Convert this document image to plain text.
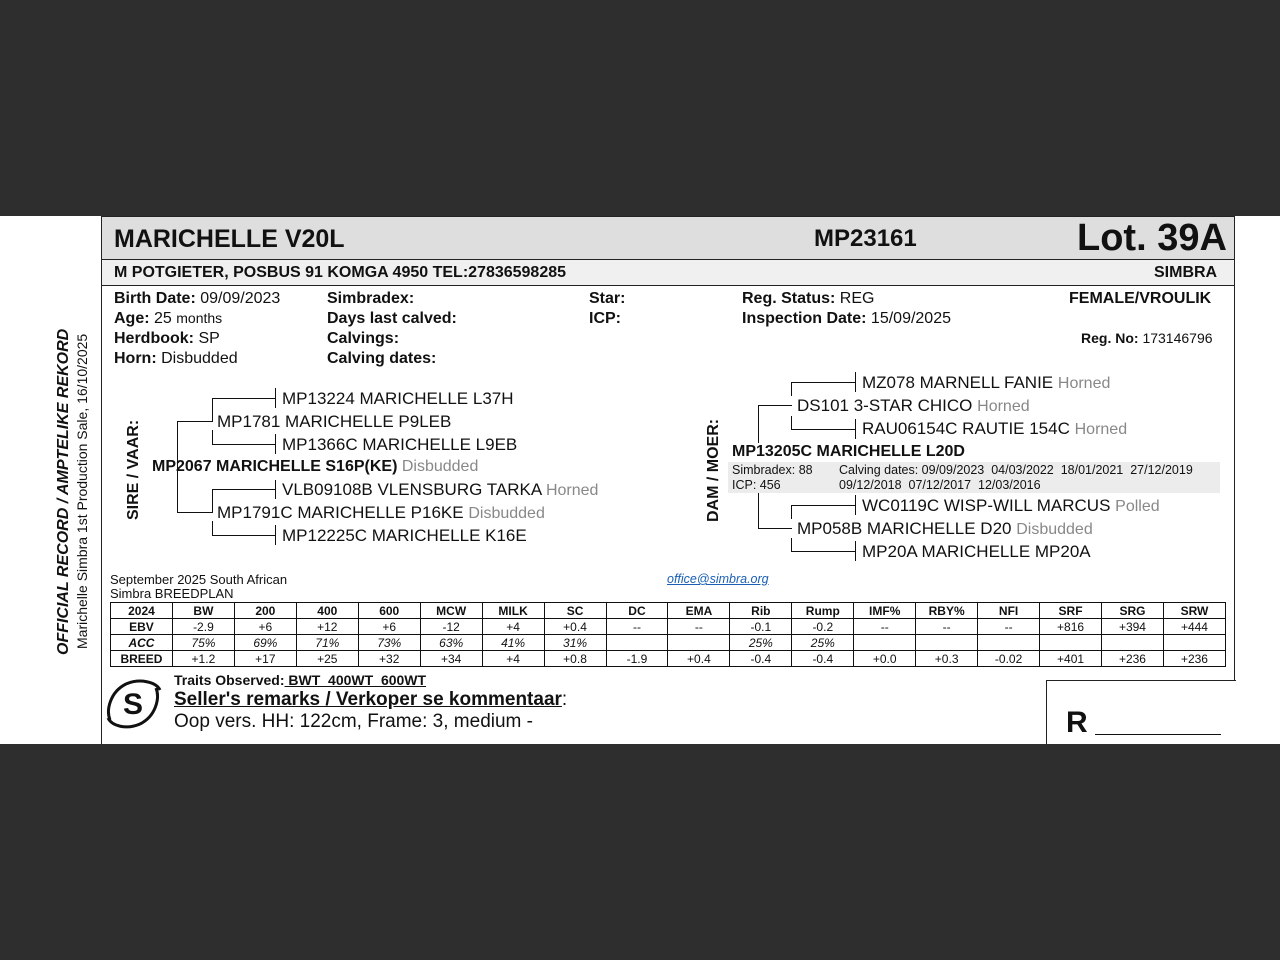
MARICHELLE V20L	MP23161	Lot. 39A
M POTGIETER, POSBUS 91 KOMGA 4950 TEL:27836598285	SIMBRA
Birth Date: 09/09/2023
Age: 25 months
Herdbook: SP
Horn: Disbudded
Simbradex:
Days last calved:
Calvings:
Calving dates:
Star:
ICP:
Reg. Status: REG
Inspection Date: 15/09/2025
FEMALE/VROULIK
Reg. No: 173146796
OFFICIAL RECORD / AMPTELIKE REKORD Marichelle Simbra 1st Production Sale, 16/10/2025 SIRE / VAAR:
MP13224 MARICHELLE L37H
MP1781 MARICHELLE P9LEB
MP1366C MARICHELLE L9EB
MP2067 MARICHELLE S16P(KE) Disbudded
VLB09108B VLENSBURG TARKA Horned
MP1791C MARICHELLE P16KE Disbudded
MP12225C MARICHELLE K16E
DAM / MOER:
MZ078 MARNELL FANIE Horned
DS101 3-STAR CHICO Horned
RAU06154C RAUTIE 154C Horned
MP13205C MARICHELLE L20D
Simbradex: 88
ICP: 456
Calving dates: 09/09/2023  04/03/2022  18/01/2021  27/12/2019
09/12/2018  07/12/2017  12/03/2016
WC0119C WISP-WILL MARCUS Polled
MP058B MARICHELLE D20 Disbudded
MP20A MARICHELLE MP20A
September 2025 South African
Simbra BREEDPLAN
office@simbra.org
2024	BW	200	400	600	MCW	MILK	SC	DC	EMA	Rib	Rump	IMF%	RBY%	NFI	SRF	SRG	SRW
EBV	-2.9	+6	+12	+6	-12	+4	+0.4	--	--	-0.1	-0.2	--	--	--	+816	+394	+444
ACC	75%	69%	71%	73%	63%	41%	31%			25%	25%						
BREED	+1.2	+17	+25	+32	+34	+4	+0.8	-1.9	+0.4	-0.4	-0.4	+0.0	+0.3	-0.02	+401	+236	+236
S
Traits Observed: BWT  400WT  600WT
Seller's remarks / Verkoper se kommentaar:
Oop vers. HH: 122cm, Frame: 3, medium -	R
